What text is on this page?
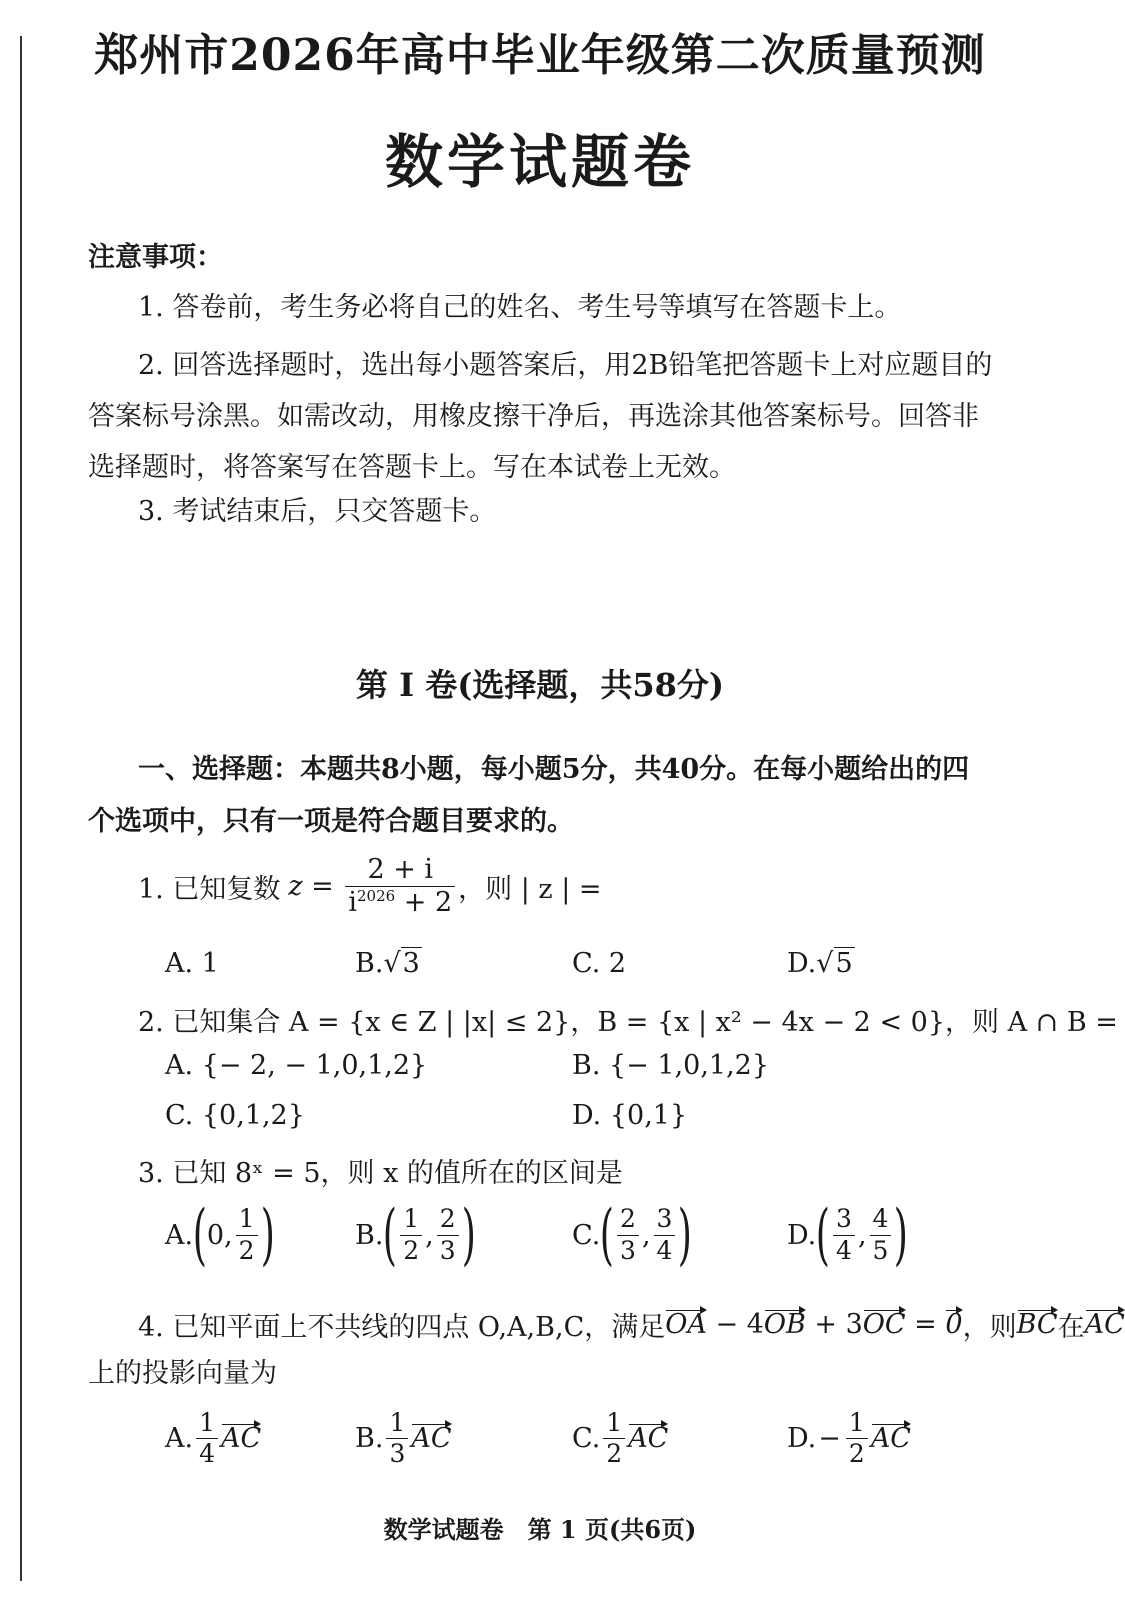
郑州市2026年高中毕业年级第二次质量预测
数学试题卷
注意事项：
1. 答卷前，考生务必将自己的姓名、考生号等填写在答题卡上。
2. 回答选择题时，选出每小题答案后，用2B铅笔把答题卡上对应题目的答案标号涂黑。如需改动，用橡皮擦干净后，再选涂其他答案标号。回答非选择题时，将答案写在答题卡上。写在本试卷上无效。
3. 考试结束后，只交答题卡。
第 Ⅰ 卷(选择题，共58分)
一、选择题：本题共8小题，每小题5分，共40分。在每小题给出的四个选项中，只有一项是符合题目要求的。
1. 已知复数 $z = \frac{2 + i}{i^{2026} + 2}$ ，则 | z | =
A. 1	B. √3	C. 2	D. √5
2. 已知集合 A = {x ∈ Z | |x| ≤ 2}，B = {x | x² − 4x − 2 < 0}，则 A ∩ B =
A. {− 2, − 1,0,1,2}	B. {− 1,0,1,2}
C. {0,1,2}	D. {0,1}
3. 已知 8ˣ = 5，则 x 的值所在的区间是
A. ( 0 ,
1
2 )	B. ( 1
2 ,
2
3 )	C. ( 2
3 ,
3
4 )	D. ( 3
4 ,
4
5 )
4. 已知平面上不共线的四点 O,A,B,C，满足 OA − 4 OB + 3 OC = 0 ，则 BC 在 AC
上的投影向量为
A.
1
4 AC	B.
1
3 AC	C.
1
2 AC	D. − $\frac{1}{2}$ AC
数学试题卷　第 1 页(共6页)
